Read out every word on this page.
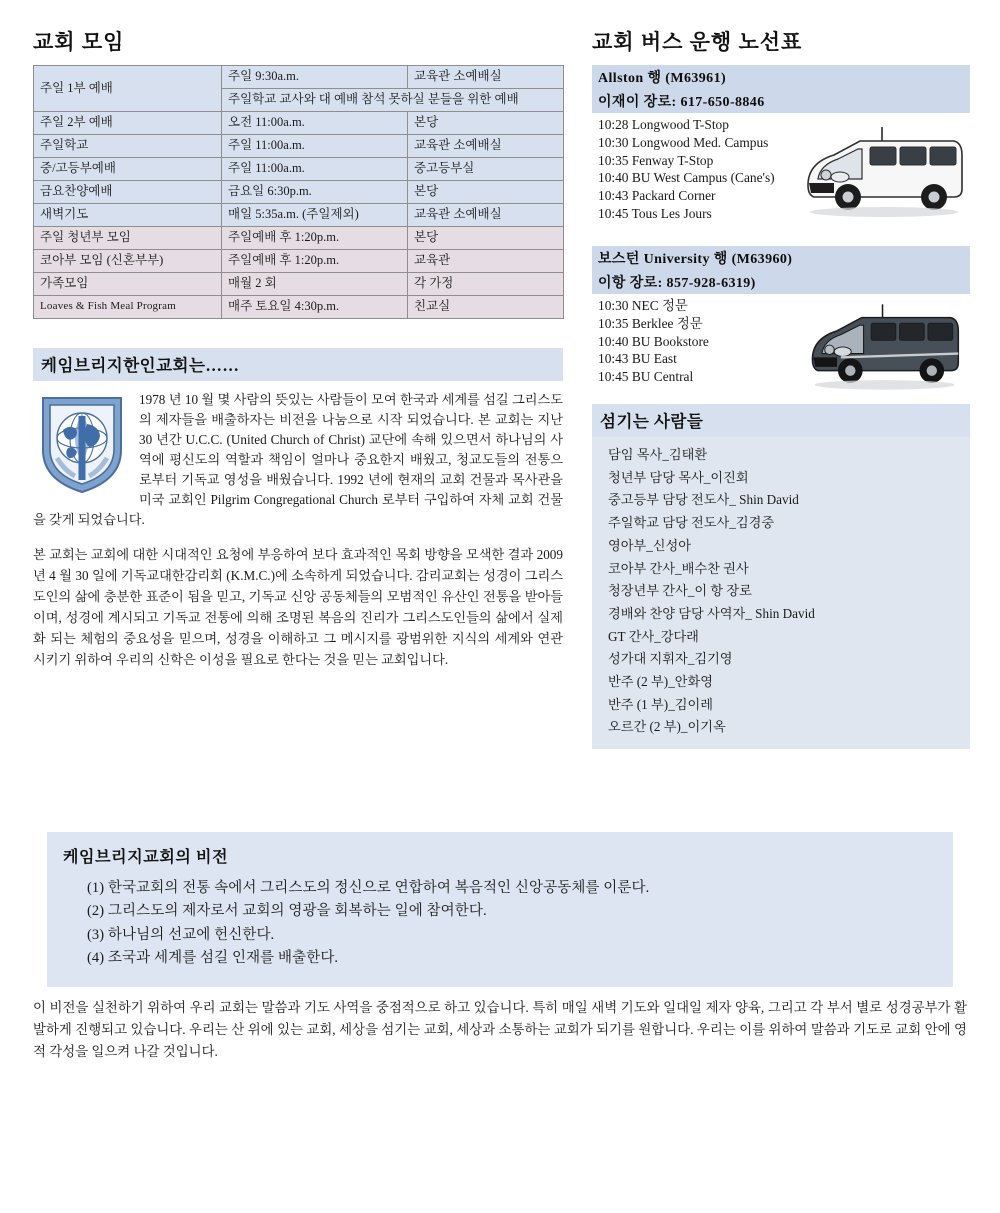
교회 모임
주일 1부 예배	주일 9:30a.m.	교육관 소예배실
	주일학교 교사와 대 예배 참석 못하실 분들을 위한 예배	
주일 2부 예배	오전 11:00a.m.	본당
주일학교	주일 11:00a.m.	교육관 소예배실
중/고등부예배	주일 11:00a.m.	중고등부실
금요찬양예배	금요일 6:30p.m.	본당
새벽기도	매일 5:35a.m. (주일제외)	교육관 소예배실
주일 청년부 모임	주일예배 후 1:20p.m.	본당
코아부 모임 (신혼부부)	주일예배 후 1:20p.m.	교육관
가족모임	매월 2 회	각 가정
Loaves & Fish Meal Program	매주 토요일 4:30p.m.	친교실
케임브리지한인교회는……
1978 년 10 월 몇 사람의 뜻있는 사람들이 모여 한국과 세계를 섬길 그리스도의 제자들을 배출하자는 비전을 나눔으로 시작 되었습니다. 본 교회는 지난 30 년간 U.C.C. (United Church of Christ) 교단에 속해 있으면서 하나님의 사역에 평신도의 역할과 책임이 얼마나 중요한지 배웠고, 청교도들의 전통으로부터 기독교 영성을 배웠습니다. 1992 년에 현재의 교회 건물과 목사관을 미국 교회인 Pilgrim Congregational Church 로부터 구입하여 자체 교회 건물을 갖게 되었습니다.
본 교회는 교회에 대한 시대적인 요청에 부응하여 보다 효과적인 목회 방향을 모색한 결과 2009 년 4 월 30 일에 기독교대한감리회 (K.M.C.)에 소속하게 되었습니다. 감리교회는 성경이 그리스도인의 삶에 충분한 표준이 됨을 믿고, 기독교 신앙 공동체들의 모범적인 유산인 전통을 받아들이며, 성경에 계시되고 기독교 전통에 의해 조명된 복음의 진리가 그리스도인들의 삶에서 실제화 되는 체험의 중요성을 믿으며, 성경을 이해하고 그 메시지를 광범위한 지식의 세계와 연관 시키기 위하여 우리의 신학은 이성을 필요로 한다는 것을 믿는 교회입니다.
교회 버스 운행 노선표
Allston 행 (M63961)
이재이 장로: 617-650-8846
10:28 Longwood T-Stop
10:30 Longwood Med. Campus
10:35 Fenway T-Stop
10:40 BU West Campus (Cane's)
10:43 Packard Corner
10:45 Tous Les Jours
보스턴 University 행 (M63960)
이항 장로: 857-928-6319)
10:30 NEC 정문
10:35 Berklee 정문
10:40 BU Bookstore
10:43 BU East
10:45 BU Central
섬기는 사람들
담임 목사_김태환
청년부 담당 목사_이진회
중고등부 담당 전도사_ Shin David
주일학교 담당 전도사_김경중
영아부_신성아
코아부 간사_배수찬 권사
청장년부 간사_이 항 장로
경배와 찬양 담당 사역자_ Shin David
GT 간사_강다래
성가대 지휘자_김기영
반주 (2 부)_안화영
반주 (1 부)_김이레
오르간 (2 부)_이기옥
케임브리지교회의 비전
(1) 한국교회의 전통 속에서 그리스도의 정신으로 연합하여 복음적인 신앙공동체를 이룬다.
(2) 그리스도의 제자로서 교회의 영광을 회복하는 일에 참여한다.
(3) 하나님의 선교에 헌신한다.
(4) 조국과 세계를 섬길 인재를 배출한다.
이 비전을 실천하기 위하여 우리 교회는 말씀과 기도 사역을 중점적으로 하고 있습니다. 특히 매일 새벽 기도와 일대일 제자 양육, 그리고 각 부서 별로 성경공부가 활발하게 진행되고 있습니다. 우리는 산 위에 있는 교회, 세상을 섬기는 교회, 세상과 소통하는 교회가 되기를 원합니다. 우리는 이를 위하여 말씀과 기도로 교회 안에 영적 각성을 일으켜 나갈 것입니다.
